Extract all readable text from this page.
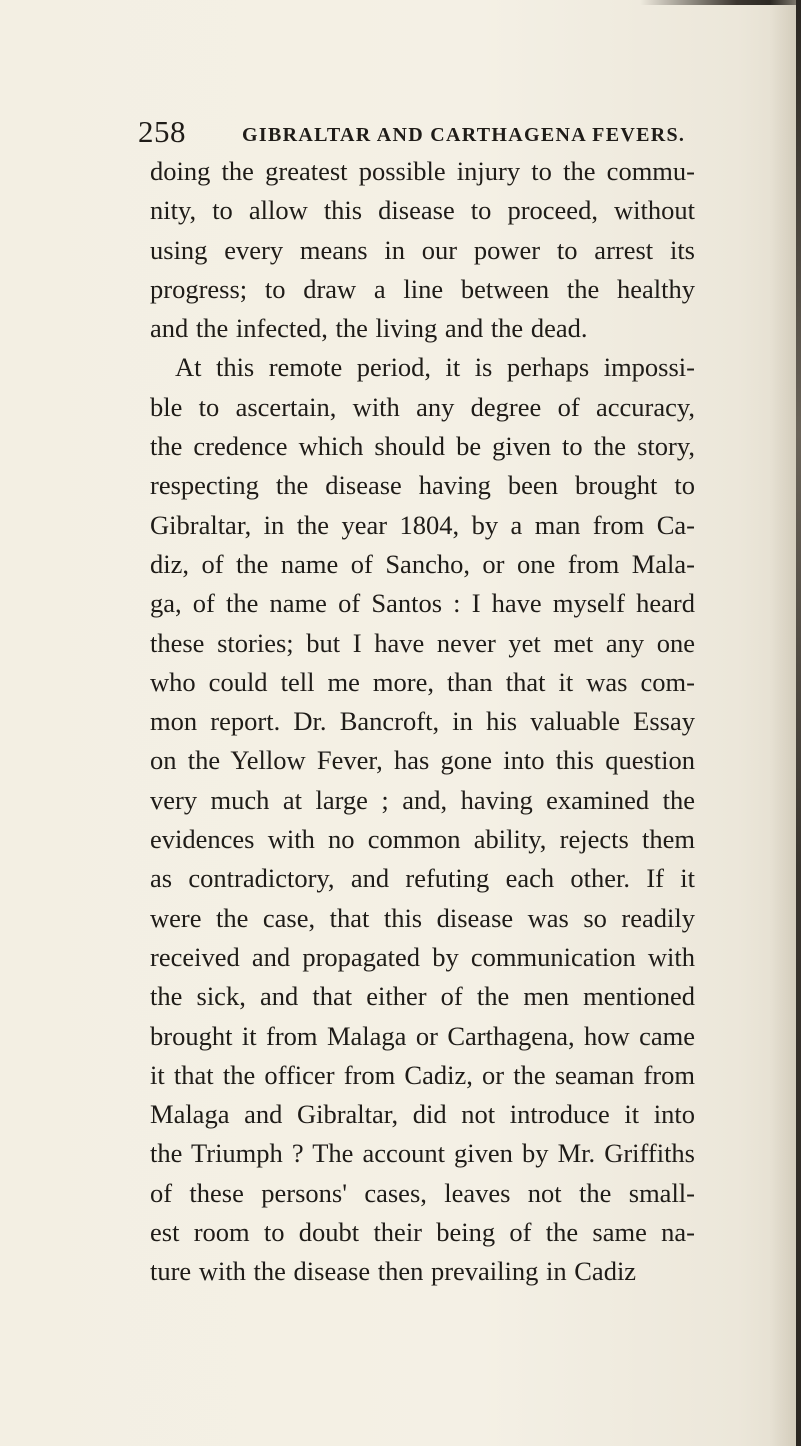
258	GIBRALTAR AND CARTHAGENA FEVERS.
doing the greatest possible injury to the commu-
nity, to allow this disease to proceed, without
using every means in our power to arrest its
progress; to draw a line between the healthy
and the infected, the living and the dead.
At this remote period, it is perhaps impossi-
ble to ascertain, with any degree of accuracy,
the credence which should be given to the story,
respecting the disease having been brought to
Gibraltar, in the year 1804, by a man from Ca-
diz, of the name of Sancho, or one from Mala-
ga, of the name of Santos : I have myself heard
these stories; but I have never yet met any one
who could tell me more, than that it was com-
mon report. Dr. Bancroft, in his valuable Essay
on the Yellow Fever, has gone into this question
very much at large ; and, having examined the
evidences with no common ability, rejects them
as contradictory, and refuting each other. If it
were the case, that this disease was so readily
received and propagated by communication with
the sick, and that either of the men mentioned
brought it from Malaga or Carthagena, how came
it that the officer from Cadiz, or the seaman from
Malaga and Gibraltar, did not introduce it into
the Triumph ? The account given by Mr. Griffiths
of these persons' cases, leaves not the small-
est room to doubt their being of the same na-
ture with the disease then prevailing in Cadiz
